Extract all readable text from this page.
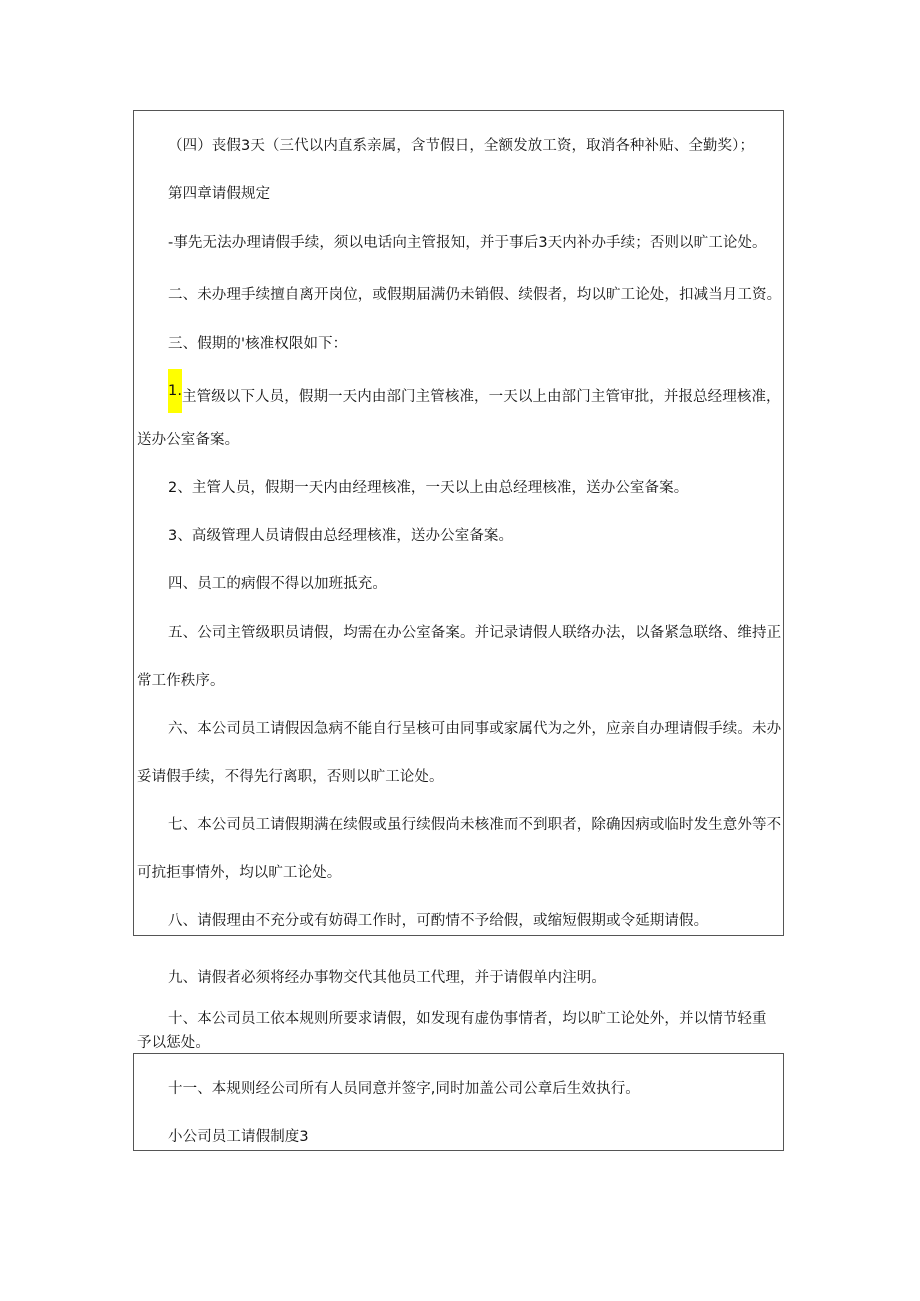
（四）丧假3天（三代以内直系亲属，含节假日，全额发放工资，取消各种补贴、全勤奖）；
第四章请假规定
-事先无法办理请假手续，须以电话向主管报知，并于事后3天内补办手续；否则以旷工论处。
二、未办理手续擅自离开岗位，或假期届满仍未销假、续假者，均以旷工论处，扣减当月工资。
三、假期的'核准权限如下：
1.主管级以下人员，假期一天内由部门主管核准，一天以上由部门主管审批，并报总经理核准，
送办公室备案。
2、主管人员，假期一天内由经理核准，一天以上由总经理核准，送办公室备案。
3、高级管理人员请假由总经理核准，送办公室备案。
四、员工的病假不得以加班抵充。
五、公司主管级职员请假，均需在办公室备案。并记录请假人联络办法，以备紧急联络、维持正
常工作秩序。
六、本公司员工请假因急病不能自行呈核可由同事或家属代为之外，应亲自办理请假手续。未办
妥请假手续，不得先行离职，否则以旷工论处。
七、本公司员工请假期满在续假或虽行续假尚未核准而不到职者，除确因病或临时发生意外等不
可抗拒事情外，均以旷工论处。
八、请假理由不充分或有妨碍工作时，可酌情不予给假，或缩短假期或令延期请假。
九、请假者必须将经办事物交代其他员工代理，并于请假单内注明。
十、本公司员工依本规则所要求请假，如发现有虚伪事情者，均以旷工论处外，并以情节轻重
予以惩处。
十一、本规则经公司所有人员同意并签字,同时加盖公司公章后生效执行。
小公司员工请假制度3
